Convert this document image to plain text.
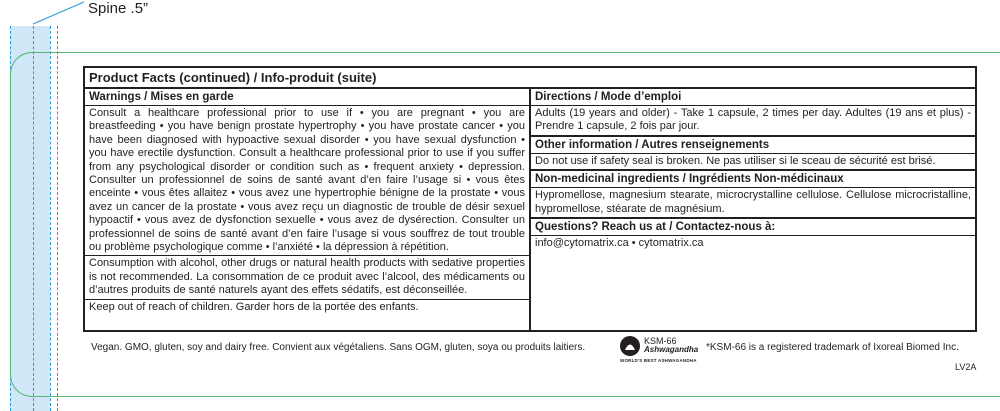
Spine .5”
Product Facts (continued) / Info-produit (suite)
Warnings / Mises en garde
Consult a healthcare professional prior to use if • you are pregnant • you are breastfeeding • you have benign prostate hypertrophy • you have prostate cancer • you have been diagnosed with hypoactive sexual disorder • you have sexual dysfunction • you have erectile dysfunction. Consult a healthcare professional prior to use if you suffer from any psychological disorder or condition such as • frequent anxiety • depression. Consulter un professionnel de soins de santé avant d’en faire l’usage si • vous êtes enceinte • vous êtes allaitez • vous avez une hypertrophie bénigne de la prostate • vous avez un cancer de la prostate • vous avez reçu un diagnostic de trouble de désir sexuel hypoactif • vous avez de dysfonction sexuelle • vous avez de dysérection. Consulter un professionnel de soins de santé avant d’en faire l’usage si vous souffrez de tout trouble ou problème psychologique comme • l’anxiété • la dépression à répétition.
Consumption with alcohol, other drugs or natural health products with sedative properties is not recommended. La consommation de ce produit avec l’alcool, des médicaments ou d’autres produits de santé naturels ayant des effets sédatifs, est déconseillée.
Keep out of reach of children. Garder hors de la portée des enfants.
Directions / Mode d’emploi
Adults (19 years and older) - Take 1 capsule, 2 times per day. Adultes (19 ans et plus) - Prendre 1 capsule, 2 fois par jour.
Other information / Autres renseignements
Do not use if safety seal is broken. Ne pas utiliser si le sceau de sécurité est brisé.
Non-medicinal ingredients / Ingrédients Non-médicinaux
Hypromellose, magnesium stearate, microcrystalline cellulose. Cellulose microcristalline, hypromellose, stéarate de magnésium.
Questions? Reach us at / Contactez-nous à:
info@cytomatrix.ca • cytomatrix.ca
Vegan. GMO, gluten, soy and dairy free. Convient aux végétaliens. Sans OGM, gluten, soya ou produits laitiers.
KSM-66
Ashwagandha
WORLD'S BEST ASHWAGANDHA
*KSM-66 is a registered trademark of Ixoreal Biomed Inc.
LV2A
